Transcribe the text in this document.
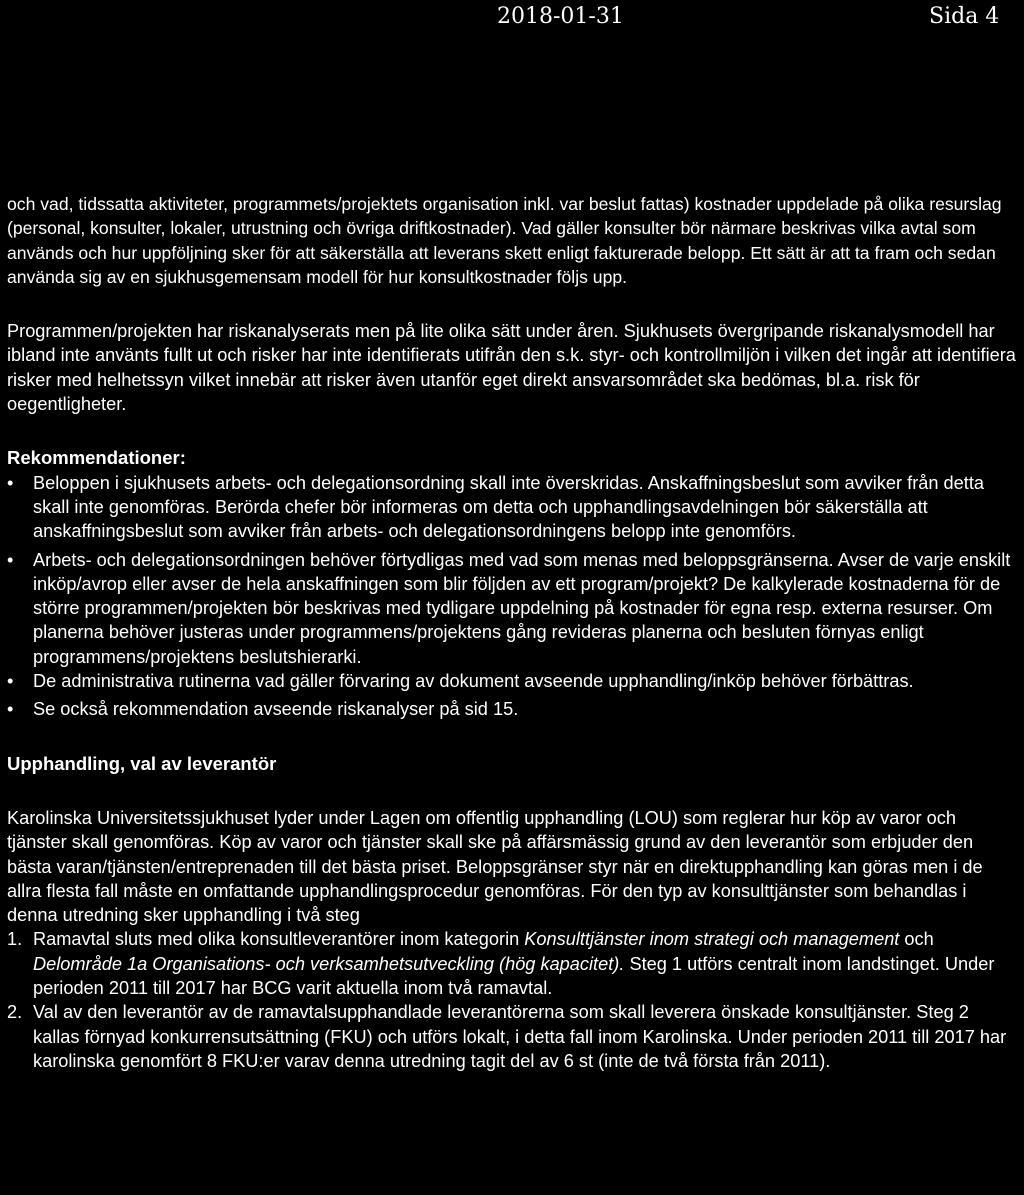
2018-01-31	Sida 4

och vad, tidssatta aktiviteter, programmets/projektets organisation inkl. var beslut fattas) kostnader uppdelade på olika resurslag (personal, konsulter, lokaler, utrustning och övriga driftkostnader). Vad gäller konsulter bör närmare beskrivas vilka avtal som används och hur uppföljning sker för att säkerställa att leverans skett enligt fakturerade belopp. Ett sätt är att ta fram och sedan använda sig av en sjukhusgemensam modell för hur konsultkostnader följs upp.

Programmen/projekten har riskanalyserats men på lite olika sätt under åren. Sjukhusets övergripande riskanalysmodell har ibland inte använts fullt ut och risker har inte identifierats utifrån den s.k. styr- och kontrollmiljön i vilken det ingår att identifiera risker med helhetssyn vilket innebär att risker även utanför eget direkt ansvarsområdet ska bedömas, bl.a. risk för oegentligheter.

Rekommendationer:

• Beloppen i sjukhusets arbets- och delegationsordning skall inte överskridas. Anskaffningsbeslut som avviker från detta skall inte genomföras. Berörda chefer bör informeras om detta och upphandlingsavdelningen bör säkerställa att anskaffningsbeslut som avviker från arbets- och delegationsordningens belopp inte genomförs.
• Arbets- och delegationsordningen behöver förtydligas med vad som menas med beloppsgränserna. Avser de varje enskilt inköp/avrop eller avser de hela anskaffningen som blir följden av ett program/projekt? De kalkylerade kostnaderna för de större programmen/projekten bör beskrivas med tydligare uppdelning på kostnader för egna resp. externa resurser. Om planerna behöver justeras under programmens/projektens gång revideras planerna och besluten förnyas enligt programmens/projektens beslutshierarki.
• De administrativa rutinerna vad gäller förvaring av dokument avseende upphandling/inköp behöver förbättras.
• Se också rekommendation avseende riskanalyser på sid 15.

Upphandling, val av leverantör

Karolinska Universitetssjukhuset lyder under Lagen om offentlig upphandling (LOU) som reglerar hur köp av varor och tjänster skall genomföras. Köp av varor och tjänster skall ske på affärsmässig grund av den leverantör som erbjuder den bästa varan/tjänsten/entreprenaden till det bästa priset. Beloppsgränser styr när en direktupphandling kan göras men i de allra flesta fall måste en omfattande upphandlingsprocedur genomföras. För den typ av konsulttjänster som behandlas i denna utredning sker upphandling i två steg

1. Ramavtal sluts med olika konsultleverantörer inom kategorin Konsulttjänster inom strategi och management och Delområde 1a Organisations- och verksamhetsutveckling (hög kapacitet). Steg 1 utförs centralt inom landstinget. Under perioden 2011 till 2017 har BCG varit aktuella inom två ramavtal.
2. Val av den leverantör av de ramavtalsupphandlade leverantörerna som skall leverera önskade konsultjänster. Steg 2 kallas förnyad konkurrensutsättning (FKU) och utförs lokalt, i detta fall inom Karolinska. Under perioden 2011 till 2017 har karolinska genomfört 8 FKU:er varav denna utredning tagit del av 6 st (inte de två första från 2011).
